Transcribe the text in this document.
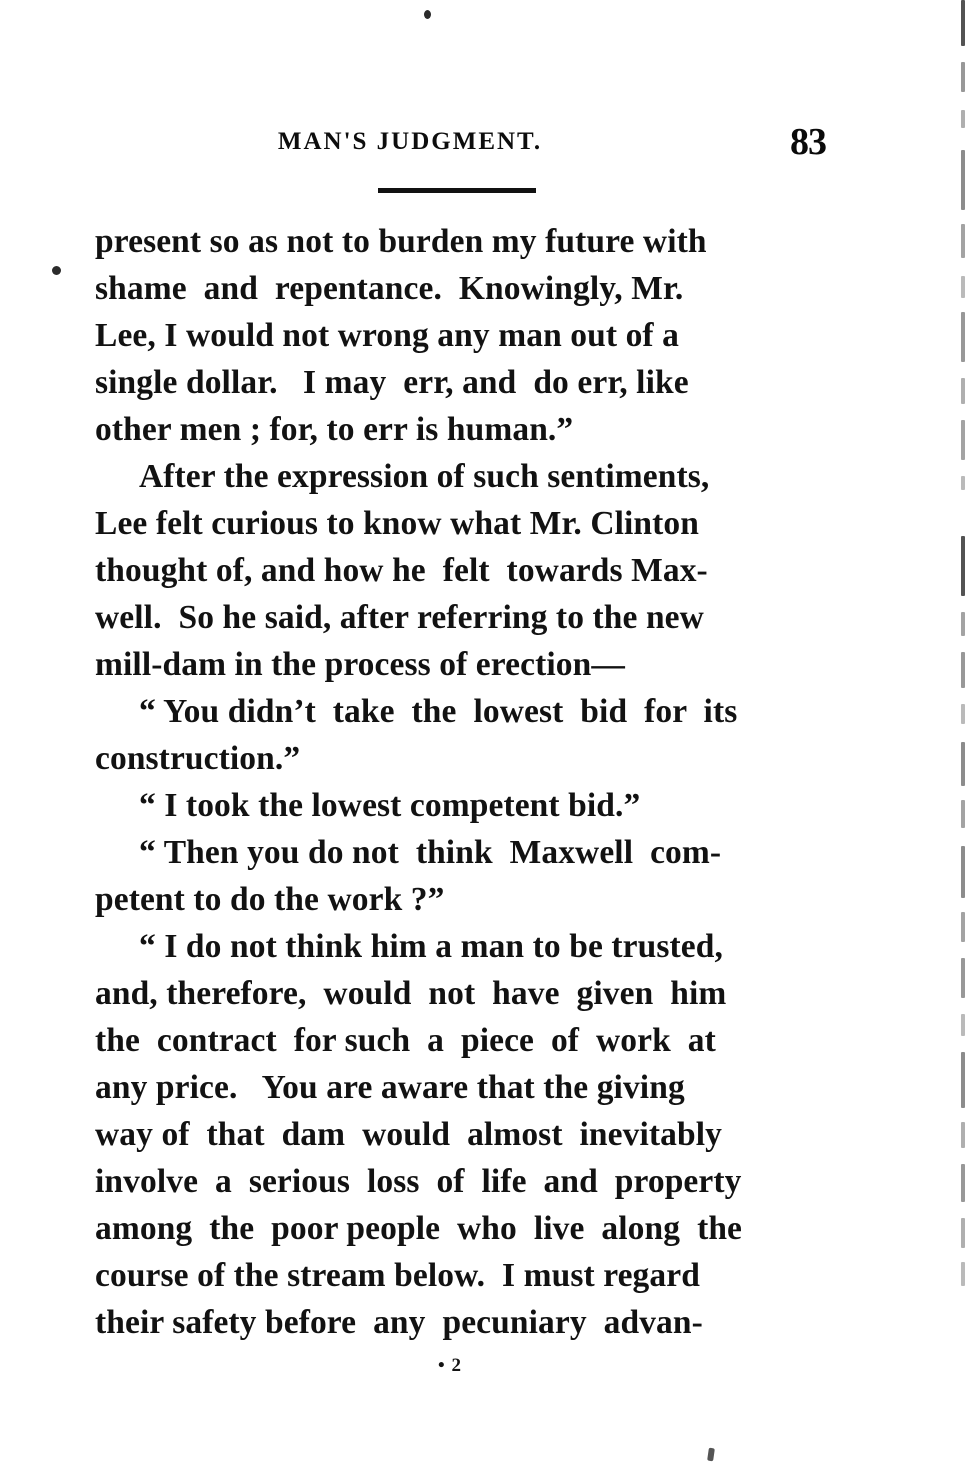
MAN'S JUDGMENT.	83
present so as not to burden my future with
shame  and  repentance.  Knowingly, Mr.
Lee, I would not wrong any man out of a
single dollar.   I may  err, and  do err, like
other men ; for, to err is human.”
After the expression of such sentiments,
Lee felt curious to know what Mr. Clinton
thought of, and how he  felt  towards Max-
well.  So he said, after referring to the new
mill-dam in the process of erection—
“ You didn’t  take  the  lowest  bid  for  its
construction.”
“ I took the lowest competent bid.”
“ Then you do not  think  Maxwell  com-
petent to do the work ?”
“ I do not think him a man to be trusted,
and, therefore,  would  not  have  given  him
the  contract  for such  a  piece  of  work  at
any price.   You are aware that the giving
way of  that  dam  would  almost  inevitably
involve  a  serious  loss  of  life  and  property
among  the  poor people  who  live  along  the
course of the stream below.  I must regard
their safety before  any  pecuniary  advan-
• 2
